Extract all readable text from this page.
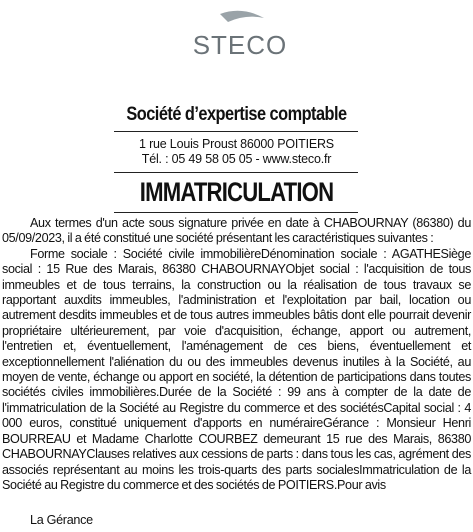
STECO
Société d’expertise comptable
1 rue Louis Proust 86000 POITIERS
Tél. : 05 49 58 05 05 - www.steco.fr
IMMATRICULATION

Aux termes d'un acte sous signature privée en date à CHABOURNAY (86380) du 05/09/2023, il a été constitué une société présentant les caractéristiques suivantes :

Forme sociale : Société civile immobilièreDénomination sociale : AGATHESiège social : 15 Rue des Marais, 86380 CHABOURNAYObjet social : l'acquisition de tous immeubles et de tous terrains, la construction ou la réalisation de tous travaux se rapportant auxdits immeubles, l'administration et l'exploitation par bail, location ou autrement desdits immeubles et de tous autres immeubles bâtis dont elle pourrait devenir propriétaire ultérieurement, par voie d'acquisition, échange, apport ou autrement, l'entretien et, éventuellement, l'aménagement de ces biens, éventuellement et exceptionnellement l'aliénation du ou des immeubles devenus inutiles à la Société, au moyen de vente, échange ou apport en société, la détention de participations dans toutes sociétés civiles immobilières.Durée de la Société : 99 ans à compter de la date de l'immatriculation de la Société au Registre du commerce et des sociétésCapital social : 4 000 euros, constitué uniquement d'apports en numéraireGérance : Monsieur Henri BOURREAU et Madame Charlotte COURBEZ demeurant 15 rue des Marais, 86380 CHABOURNAYClauses relatives aux cessions de parts : dans tous les cas, agrément des associés représentant au moins les trois-quarts des parts socialesImmatriculation de la Société au Registre du commerce et des sociétés de POITIERS.Pour avis

La Gérance
